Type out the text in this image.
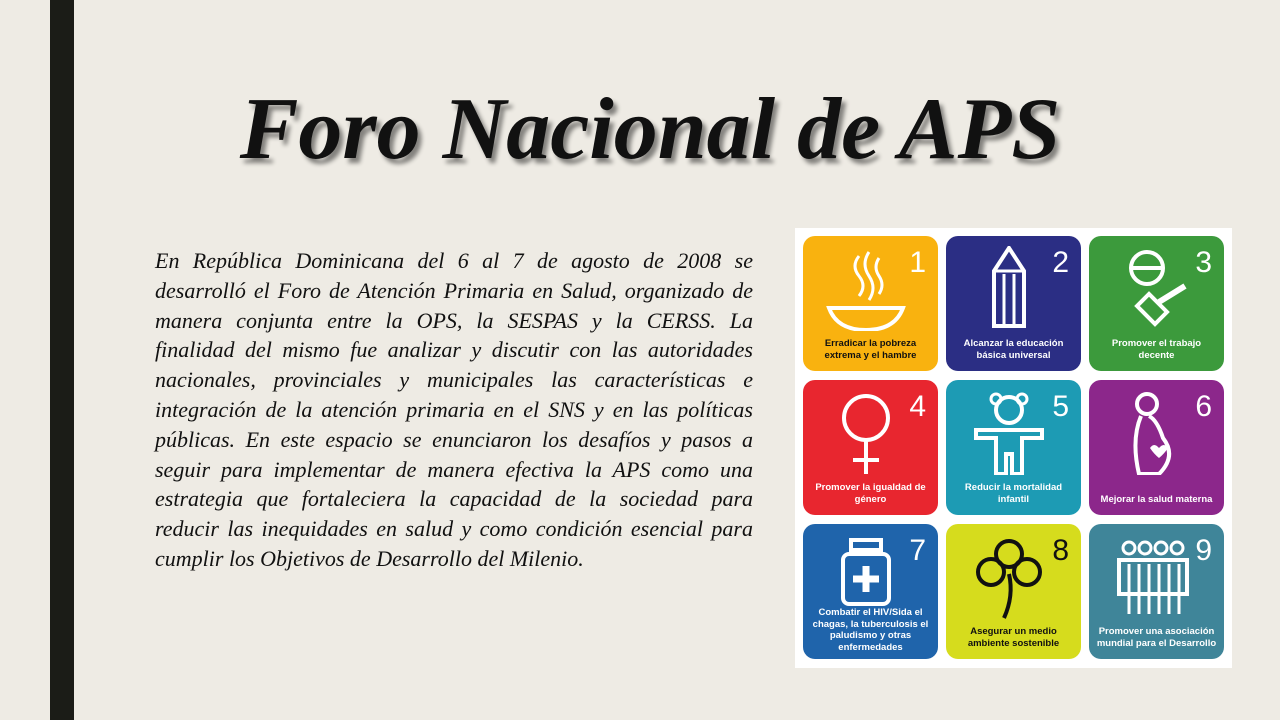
Foro Nacional de APS

En República Dominicana del 6 al 7 de agosto de 2008 se desarrolló el Foro de Atención Primaria en Salud, organizado de manera conjunta entre la OPS, la SESPAS y la CERSS. La finalidad del mismo fue analizar y discutir con las autoridades nacionales, provinciales y municipales las características e integración de la atención primaria en el SNS y en las políticas públicas. En este espacio se enunciaron los desafíos y pasos a seguir para implementar de manera efectiva la APS como una estrategia que fortaleciera la capacidad de la sociedad para reducir las inequidades en salud y como condición esencial para cumplir los Objetivos de Desarrollo del Milenio.

1
Erradicar la pobreza extrema y el hambre
2
Alcanzar la educación básica universal
3
Promover el trabajo decente
4
Promover la igualdad de género
5
Reducir la mortalidad infantil
6
Mejorar la salud materna
7
Combatir el HIV/Sida el chagas, la tuberculosis el paludismo y otras enfermedades
8
Asegurar un medio ambiente sostenible
9
Promover una asociación mundial para el Desarrollo
